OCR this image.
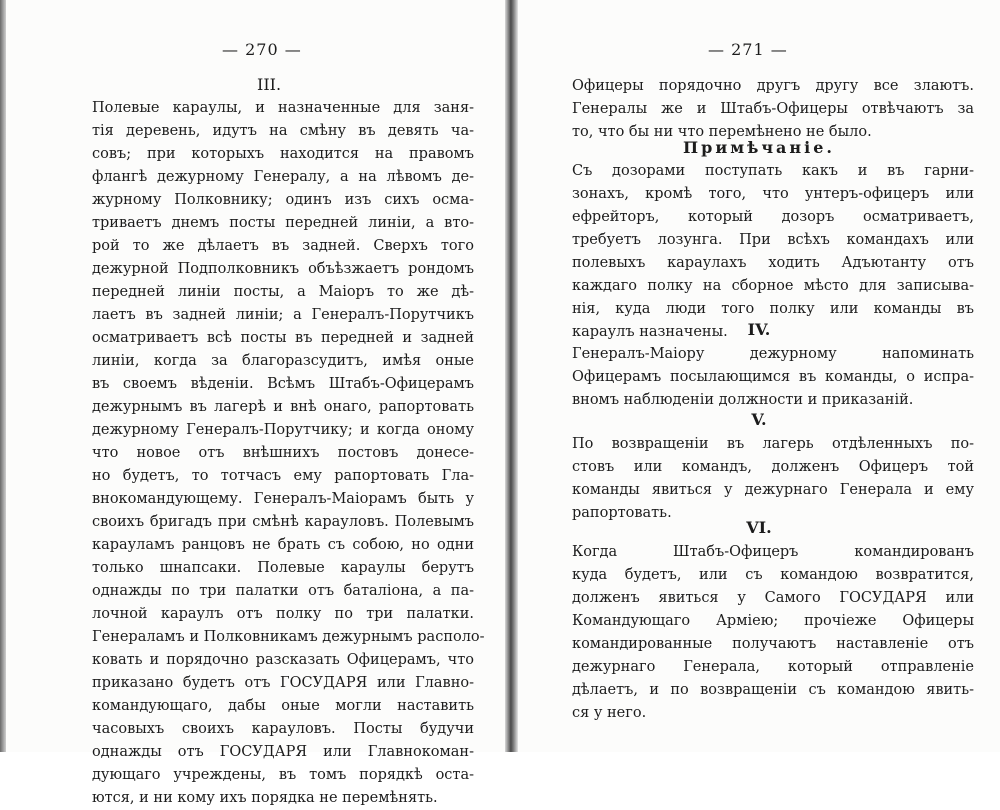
— 270 —
III.
Полевые караулы, и назначенные для заня-
тія деревень, идутъ на смѣну въ девять ча-
совъ; при которыхъ находится на правомъ
флангѣ дежурному Генералу, а на лѣвомъ де-
журному Полковнику; одинъ изъ сихъ осма-
триваетъ днемъ посты передней линіи, а вто-
рой то же дѣлаетъ въ задней. Сверхъ того
дежурной Подполковникъ объѣзжаетъ рондомъ
передней линіи посты, а Маіоръ то же дѣ-
лаетъ въ задней линіи; а Генералъ-Порутчикъ
осматриваетъ всѣ посты въ передней и задней
линіи, когда за благоразсудитъ, имѣя оные
въ своемъ вѣденіи. Всѣмъ Штабъ-Офицерамъ
дежурнымъ въ лагерѣ и внѣ онаго, рапортовать
дежурному Генералъ-Порутчику; и когда оному
что новое отъ внѣшнихъ постовъ донесе-
но будетъ, то тотчасъ ему рапортовать Гла-
внокомандующему. Генералъ-Маіорамъ быть у
своихъ бригадъ при смѣнѣ карауловъ. Полевымъ
карауламъ ранцовъ не брать съ собою, но одни
только шнапсаки. Полевые караулы берутъ
однажды по три палатки отъ баталіона, а па-
лочной караулъ отъ полку по три палатки.
Генераламъ и Полковникамъ дежурнымъ располо-
ковать и порядочно разсказать Офицерамъ, что
приказано будетъ отъ ГОСУДАРЯ или Главно-
командующаго, дабы оные могли наставить
часовыхъ своихъ карауловъ. Посты будучи
однажды отъ ГОСУДАРЯ или Главнокоман-
дующаго учреждены, въ томъ порядкѣ оста-
ются, и ни кому ихъ порядка не перемѣнять.
— 271 —
Офицеры порядочно другъ другу все злаютъ.
Генералы же и Штабъ-Офицеры отвѣчаютъ за
то, что бы ни что перемѣнено не было.
Примѣчаніе.
Съ дозорами поступать какъ и въ гарни-
зонахъ, кромѣ того, что унтеръ-офицеръ или
ефрейторъ, который дозоръ осматриваетъ,
требуетъ лозунга. При всѣхъ командахъ или
полевыхъ караулахъ ходить Адъютанту отъ
каждаго полку на сборное мѣсто для записыва-
нія, куда люди того полку или команды въ
караулъ назначены.	IV.
Генералъ-Маіору дежурному напоминать
Офицерамъ посылающимся въ команды, о испра-
вномъ наблюденіи должности и приказаній.
V.
По возвращеніи въ лагерь отдѣленныхъ по-
стовъ или командъ, долженъ Офицеръ той
команды явиться у дежурнаго Генерала и ему
рапортовать.
VI.
Когда Штабъ-Офицеръ командированъ
куда будетъ, или съ командою возвратится,
долженъ явиться у Самого ГОСУДАРЯ или
Командующаго Арміею; прочіеже Офицеры
командированные получаютъ наставленіе отъ
дежурнаго Генерала, который отправленіе
дѣлаетъ, и по возвращеніи съ командою явить-
ся у него.
